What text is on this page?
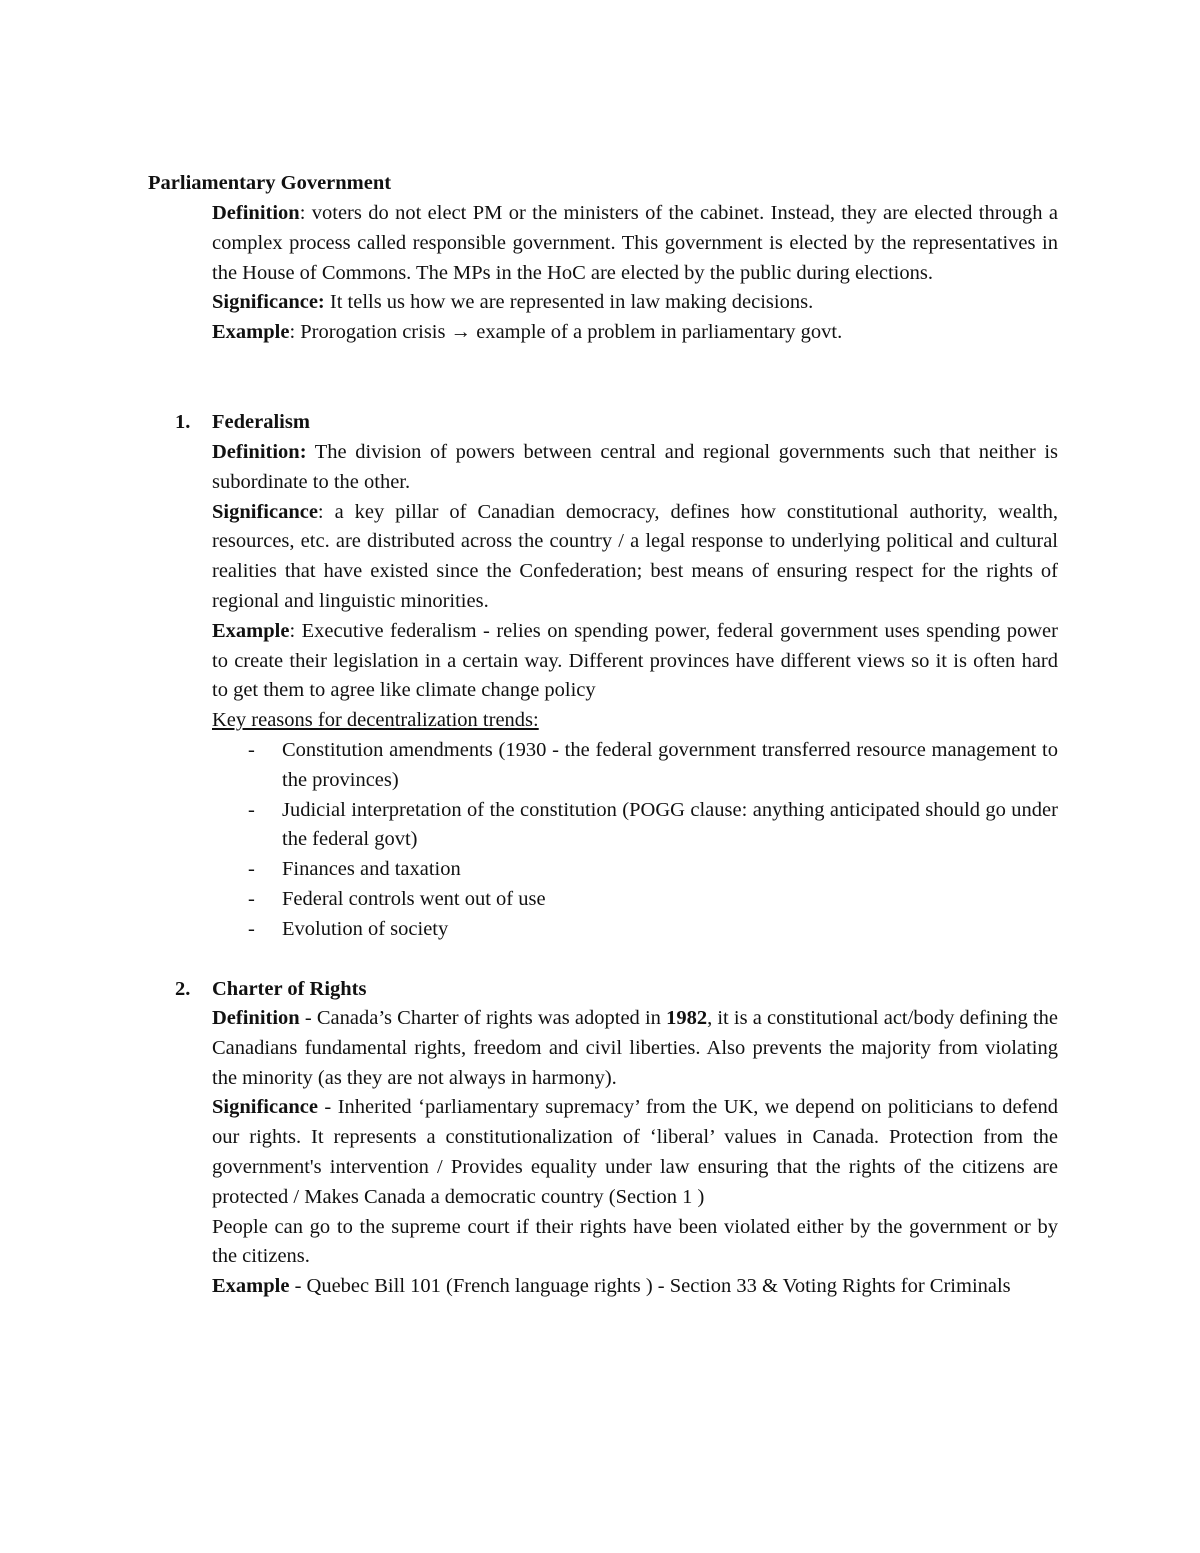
Parliamentary Government

Definition: voters do not elect PM or the ministers of the cabinet. Instead, they are elected through a complex process called responsible government. This government is elected by the representatives in the House of Commons. The MPs in the HoC are elected by the public during elections.

Significance: It tells us how we are represented in law making decisions.

Example: Prorogation crisis → example of a problem in parliamentary govt.

1. Federalism

Definition: The division of powers between central and regional governments such that neither is subordinate to the other.

Significance: a key pillar of Canadian democracy, defines how constitutional authority, wealth, resources, etc. are distributed across the country / a legal response to underlying political and cultural realities that have existed since the Confederation; best means of ensuring respect for the rights of regional and linguistic minorities.

Example: Executive federalism - relies on spending power, federal government uses spending power to create their legislation in a certain way. Different provinces have different views so it is often hard to get them to agree like climate change policy

Key reasons for decentralization trends:

- Constitution amendments (1930 - the federal government transferred resource management to the provinces)
- Judicial interpretation of the constitution (POGG clause: anything anticipated should go under the federal govt)
- Finances and taxation
- Federal controls went out of use
- Evolution of society
2. Charter of Rights

Definition - Canada’s Charter of rights was adopted in 1982, it is a constitutional act/body defining the Canadians fundamental rights, freedom and civil liberties. Also prevents the majority from violating the minority (as they are not always in harmony).

Significance - Inherited ‘parliamentary supremacy’ from the UK, we depend on politicians to defend our rights. It represents a constitutionalization of ‘liberal’ values in Canada. Protection from the government's intervention / Provides equality under law ensuring that the rights of the citizens are protected / Makes Canada a democratic country (Section 1 )

People can go to the supreme court if their rights have been violated either by the government or by the citizens.

Example - Quebec Bill 101 (French language rights ) - Section 33 & Voting Rights for Criminals
